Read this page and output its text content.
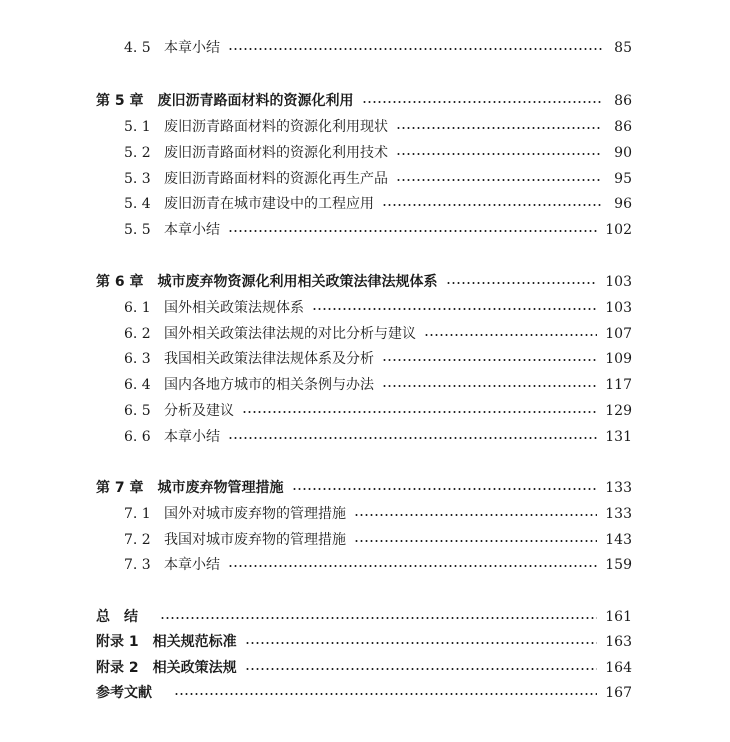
4. 5 本章小结	85
第 5 章 废旧沥青路面材料的资源化利用	86
5. 1 废旧沥青路面材料的资源化利用现状	86
5. 2 废旧沥青路面材料的资源化利用技术	90
5. 3 废旧沥青路面材料的资源化再生产品	95
5. 4 废旧沥青在城市建设中的工程应用	96
5. 5 本章小结	102
第 6 章 城市废弃物资源化利用相关政策法律法规体系	103
6. 1 国外相关政策法规体系	103
6. 2 国外相关政策法律法规的对比分析与建议	107
6. 3 我国相关政策法律法规体系及分析	109
6. 4 国内各地方城市的相关条例与办法	117
6. 5 分析及建议	129
6. 6 本章小结	131
第 7 章 城市废弃物管理措施	133
7. 1 国外对城市废弃物的管理措施	133
7. 2 我国对城市废弃物的管理措施	143
7. 3 本章小结	159
总　结	161
附录 1 相关规范标准	163
附录 2 相关政策法规	164
参考文献	167
